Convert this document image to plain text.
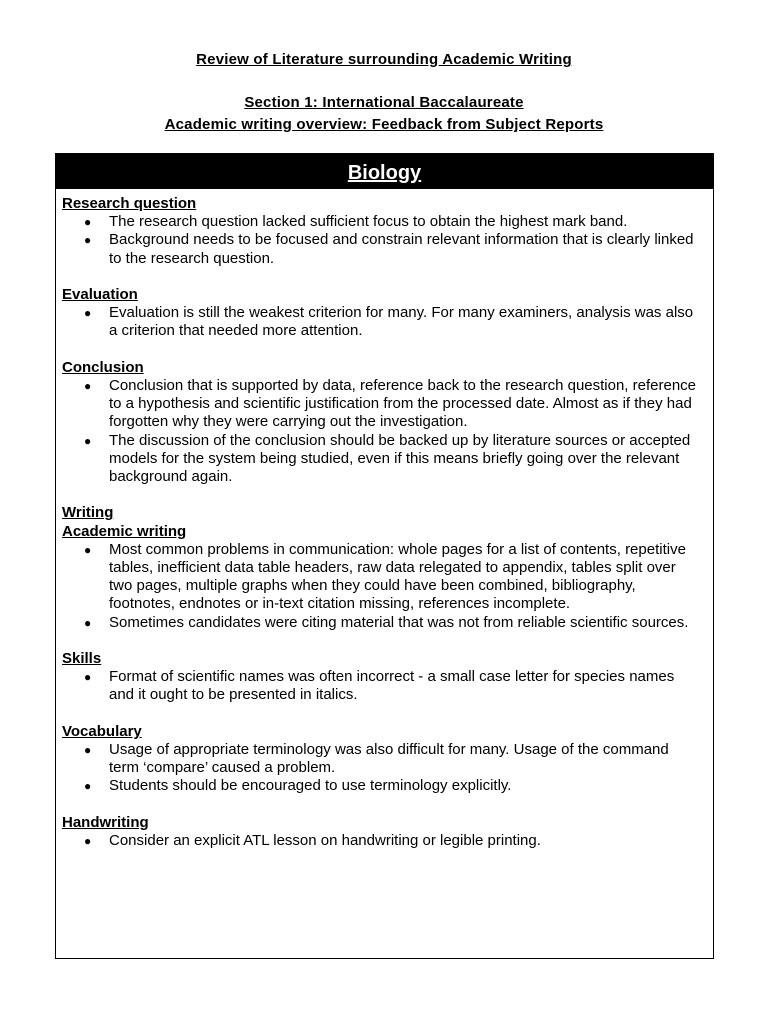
Review of Literature surrounding Academic Writing
Section 1: International Baccalaureate
Academic writing overview: Feedback from Subject Reports
Biology
Research question
● The research question lacked sufficient focus to obtain the highest mark band.
● Background needs to be focused and constrain relevant information that is clearly linked to the research question.
Evaluation
● Evaluation is still the weakest criterion for many. For many examiners, analysis was also a criterion that needed more attention.
Conclusion
● Conclusion that is supported by data, reference back to the research question, reference to a hypothesis and scientific justification from the processed date. Almost as if they had forgotten why they were carrying out the investigation.
● The discussion of the conclusion should be backed up by literature sources or accepted models for the system being studied, even if this means briefly going over the relevant background again.
Writing
Academic writing
● Most common problems in communication: whole pages for a list of contents, repetitive tables, inefficient data table headers, raw data relegated to appendix, tables split over two pages, multiple graphs when they could have been combined, bibliography, footnotes, endnotes or in-text citation missing, references incomplete.
● Sometimes candidates were citing material that was not from reliable scientific sources.
Skills
● Format of scientific names was often incorrect - a small case letter for species names and it ought to be presented in italics.
Vocabulary
● Usage of appropriate terminology was also difficult for many. Usage of the command term ‘compare’ caused a problem.
● Students should be encouraged to use terminology explicitly.
Handwriting
● Consider an explicit ATL lesson on handwriting or legible printing.
